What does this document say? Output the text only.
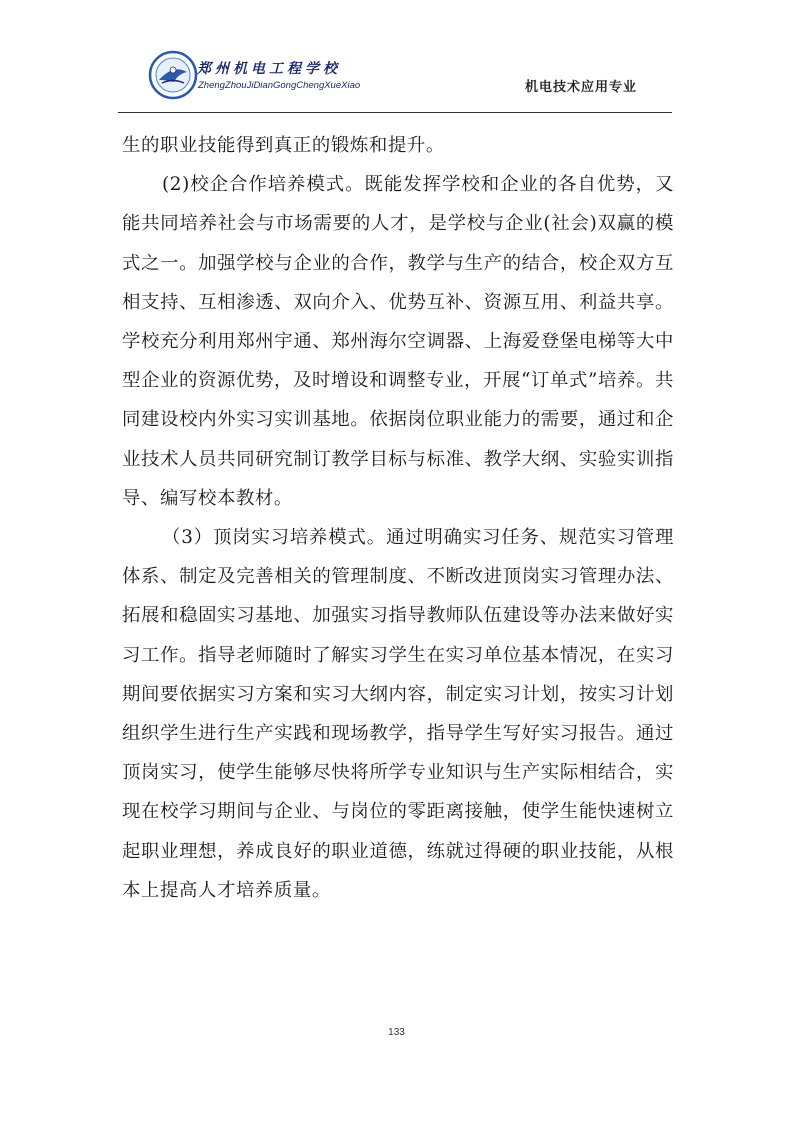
郑州机电工程学校
ZhengZhouJiDianGongChengXueXiao	机电技术应用专业

生的职业技能得到真正的锻炼和提升。

(2)校企合作培养模式。既能发挥学校和企业的各自优势，又能共同培养社会与市场需要的人才，是学校与企业(社会)双赢的模式之一。加强学校与企业的合作，教学与生产的结合，校企双方互相支持、互相渗透、双向介入、优势互补、资源互用、利益共享。学校充分利用郑州宇通、郑州海尔空调器、上海爱登堡电梯等大中型企业的资源优势，及时增设和调整专业，开展“订单式”培养。共同建设校内外实习实训基地。依据岗位职业能力的需要，通过和企业技术人员共同研究制订教学目标与标准、教学大纲、实验实训指导、编写校本教材。

（3）顶岗实习培养模式。通过明确实习任务、规范实习管理体系、制定及完善相关的管理制度、不断改进顶岗实习管理办法、拓展和稳固实习基地、加强实习指导教师队伍建设等办法来做好实习工作。指导老师随时了解实习学生在实习单位基本情况，在实习期间要依据实习方案和实习大纲内容，制定实习计划，按实习计划组织学生进行生产实践和现场教学，指导学生写好实习报告。通过顶岗实习，使学生能够尽快将所学专业知识与生产实际相结合，实现在校学习期间与企业、与岗位的零距离接触，使学生能快速树立起职业理想，养成良好的职业道德，练就过得硬的职业技能，从根本上提高人才培养质量。

133
